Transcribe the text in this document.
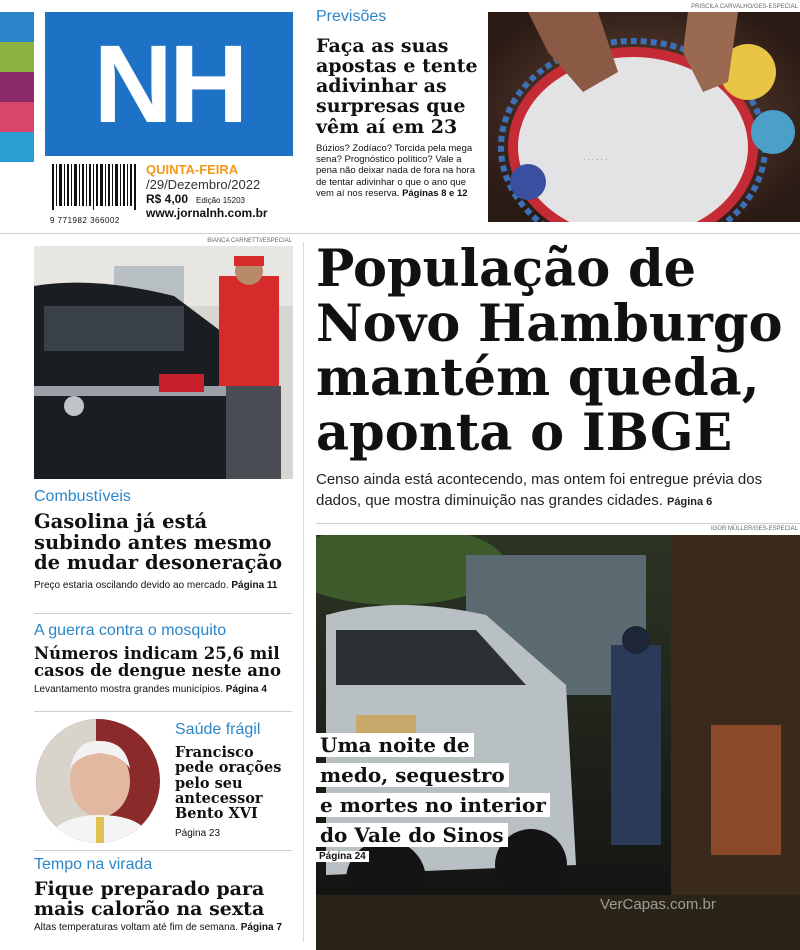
NH
9 771982 366002
QUINTA-FEIRA
/29/Dezembro/2022
R$ 4,00 Edição 15203
www.jornalnh.com.br
Previsões
Faça as suas apostas e tente adivinhar as surpresas que vêm aí em 23
Búzios? Zodíaco? Torcida pela mega sena? Prognóstico político? Vale a pena não deixar nada de fora na hora de tentar adivinhar o que o ano que vem aí nos reserva. Páginas 8 e 12
PRISCILA CARVALHO/GES-ESPECIAL
· · · · · ·
BIANCA CARNETTI/ESPECIAL
Combustíveis
Gasolina já está subindo antes mesmo de mudar desoneração
Preço estaria oscilando devido ao mercado. Página 11
A guerra contra o mosquito
Números indicam 25,6 mil casos de dengue neste ano
Levantamento mostra grandes municípios. Página 4
Saúde frágil
Francisco pede orações pelo seu antecessor Bento XVI
Página 23
Tempo na virada
Fique preparado para mais calorão na sexta
Altas temperaturas voltam até fim de semana. Página 7
População de Novo Hamburgo mantém queda, aponta o IBGE
Censo ainda está acontecendo, mas ontem foi entregue prévia dos dados, que mostra diminuição nas grandes cidades. Página 6
IGOR MÜLLER/GES-ESPECIAL
Uma noite de
medo, sequestro
e mortes no interior
do Vale do Sinos
Página 24
VerCapas.com.br
